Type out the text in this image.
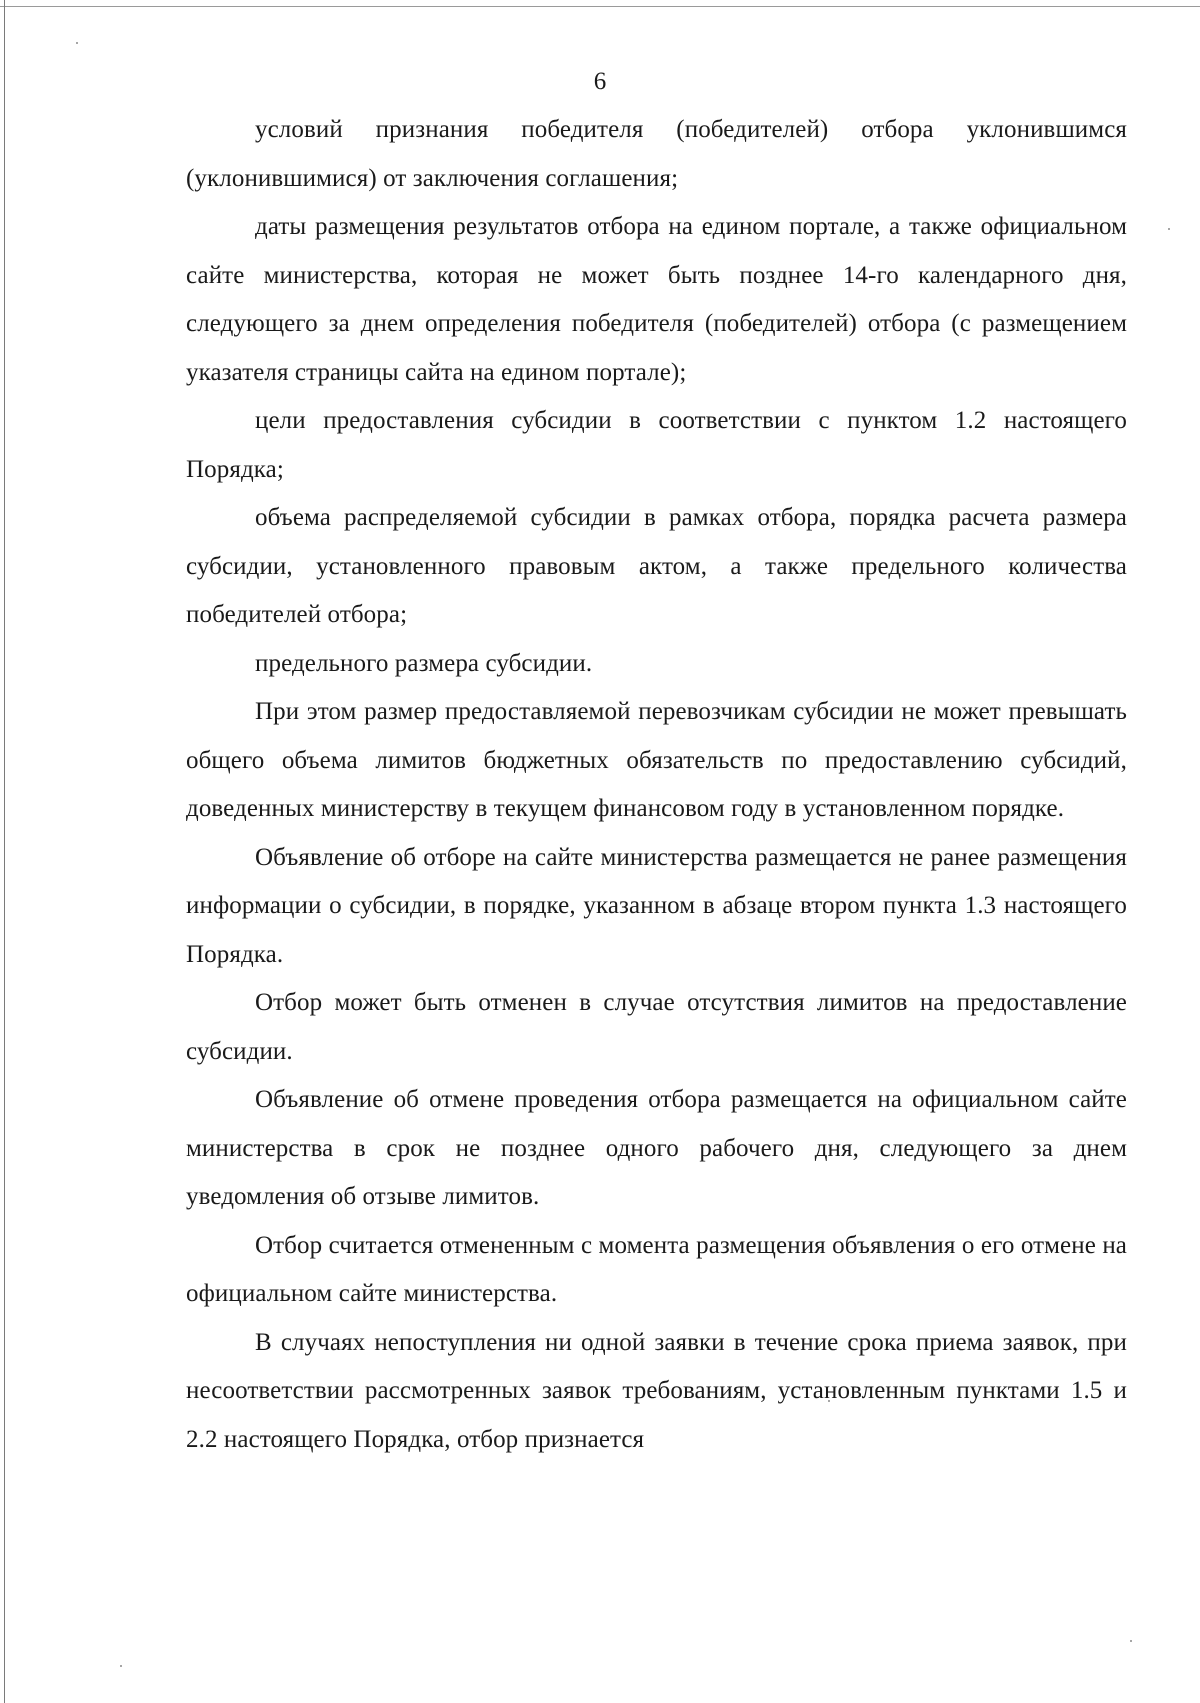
6

условий признания победителя (победителей) отбора уклонившимся (уклонившимися) от заключения соглашения;

даты размещения результатов отбора на едином портале, а также официальном сайте министерства, которая не может быть позднее 14-го календарного дня, следующего за днем определения победителя (победителей) отбора (с размещением указателя страницы сайта на едином портале);

цели предоставления субсидии в соответствии с пунктом 1.2 настоящего Порядка;

объема распределяемой субсидии в рамках отбора, порядка расчета размера субсидии, установленного правовым актом, а также предельного количества победителей отбора;

предельного размера субсидии.

При этом размер предоставляемой перевозчикам субсидии не может превышать общего объема лимитов бюджетных обязательств по предоставлению субсидий, доведенных министерству в текущем финансовом году в установленном порядке.

Объявление об отборе на сайте министерства размещается не ранее размещения информации о субсидии, в порядке, указанном в абзаце втором пункта 1.3 настоящего Порядка.

Отбор может быть отменен в случае отсутствия лимитов на предоставление субсидии.

Объявление об отмене проведения отбора размещается на официальном сайте министерства в срок не позднее одного рабочего дня, следующего за днем уведомления об отзыве лимитов.

Отбор считается отмененным с момента размещения объявления о его отмене на официальном сайте министерства.

В случаях непоступления ни одной заявки в течение срока приема заявок, при несоответствии рассмотренных заявок требованиям, установленным пунктами 1.5 и 2.2 настоящего Порядка, отбор признается
